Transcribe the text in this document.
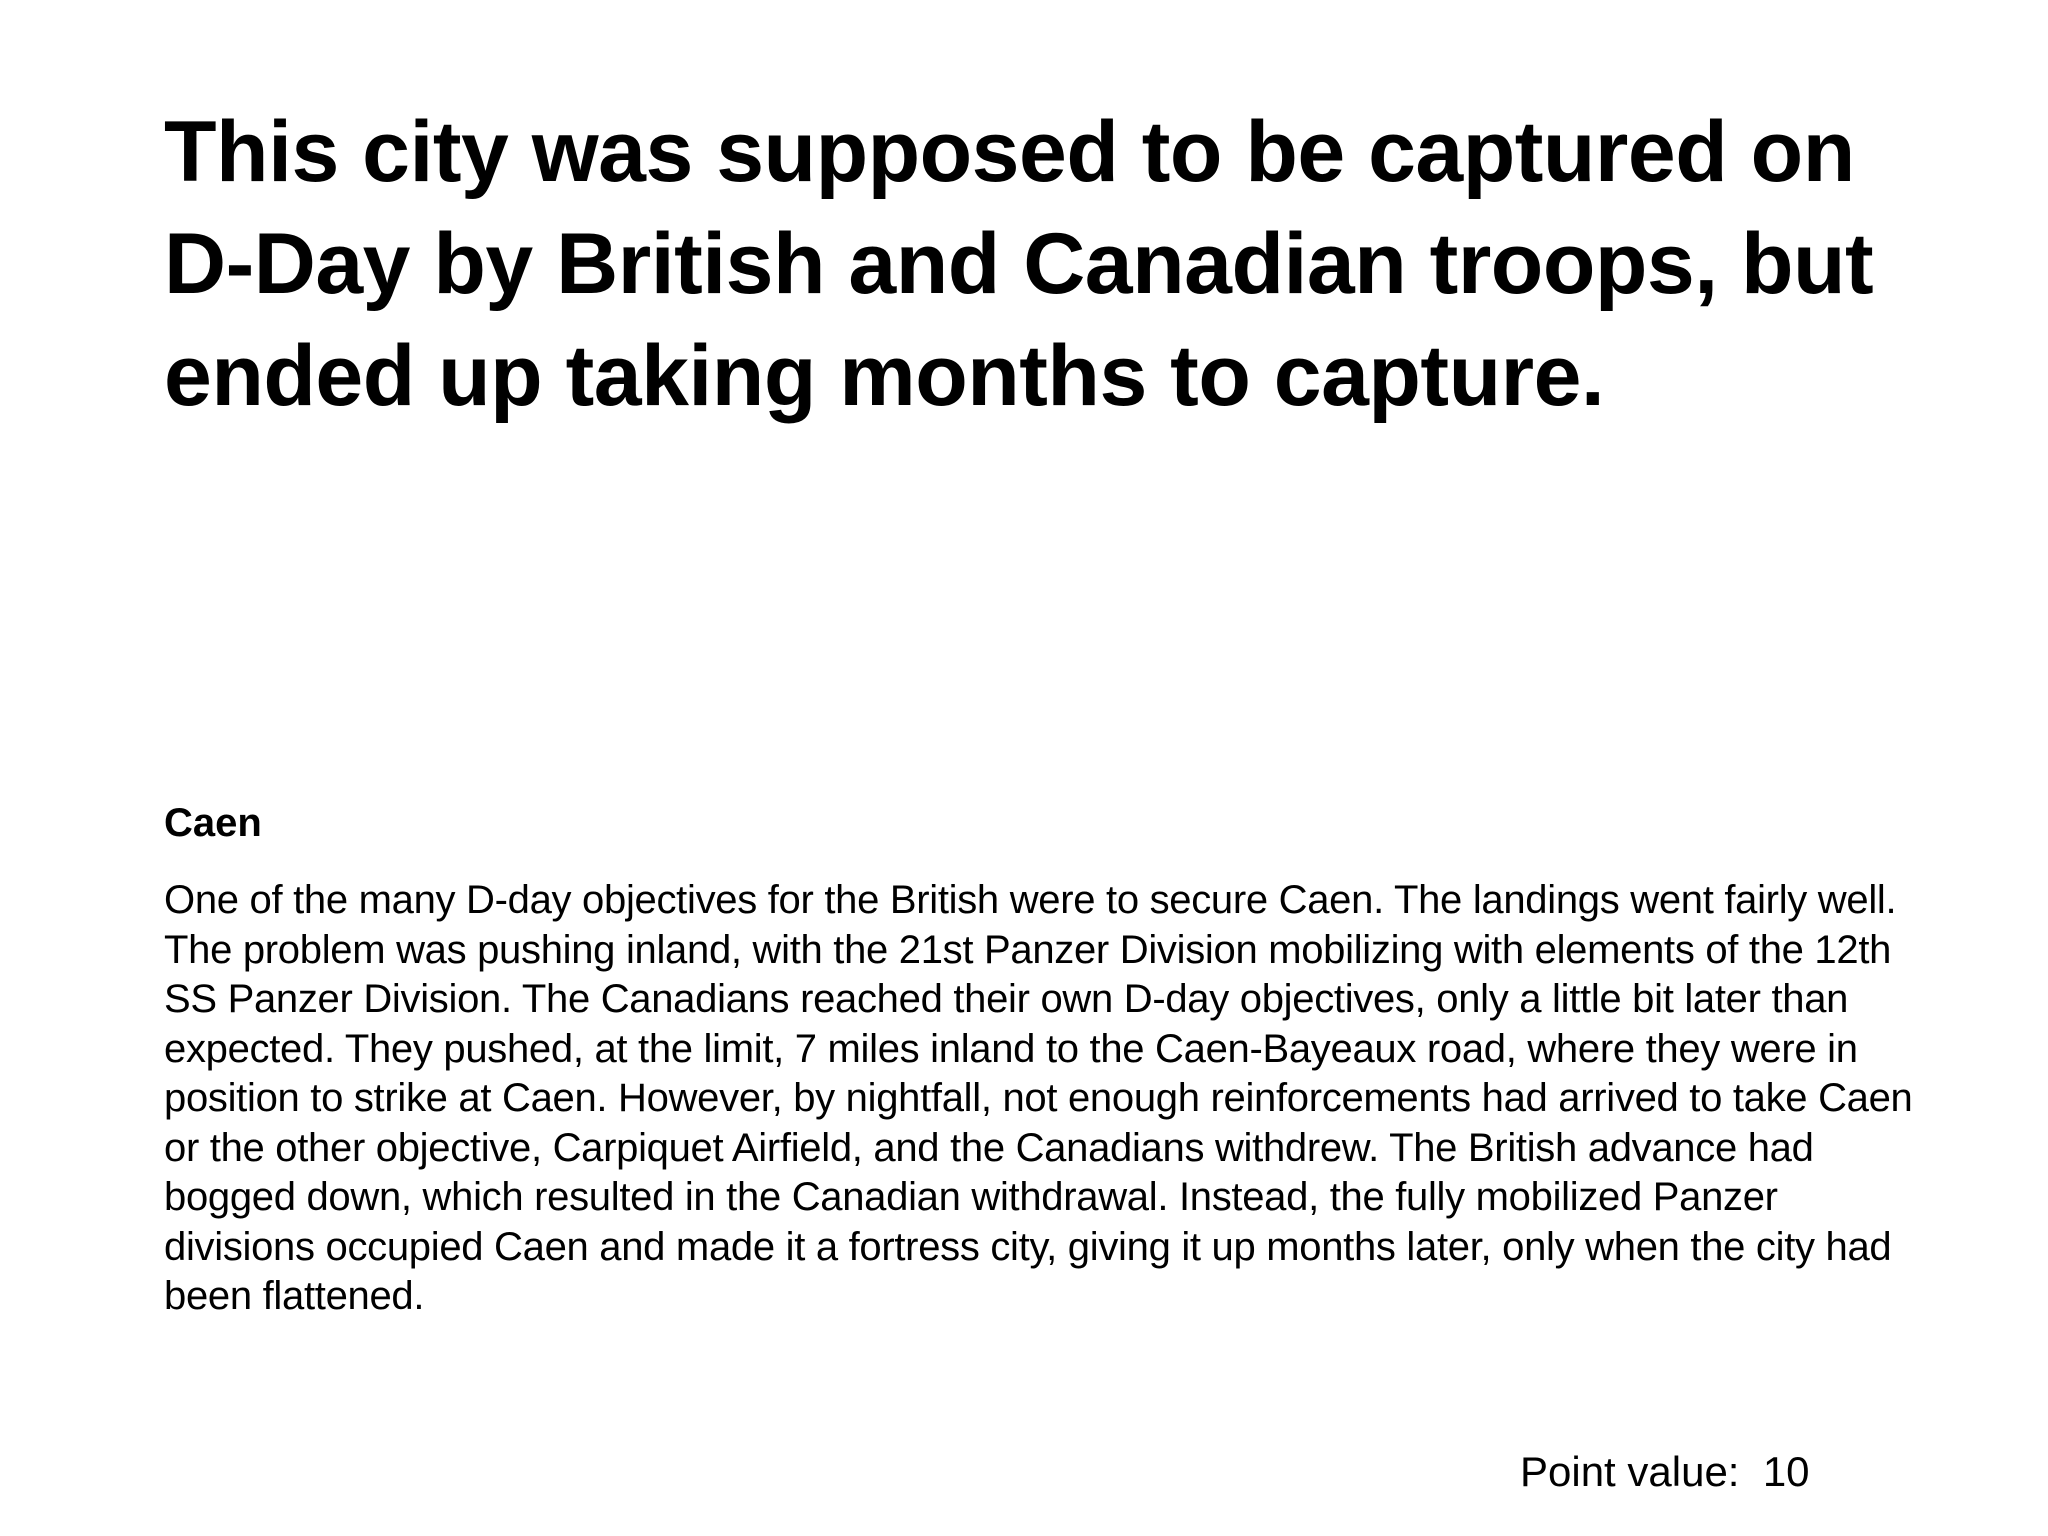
This city was supposed to be captured on D-Day by British and Canadian troops, but ended up taking months to capture.
Caen

One of the many D-day objectives for the British were to secure Caen. The landings went fairly well. The problem was pushing inland, with the 21st Panzer Division mobilizing with elements of the 12th SS Panzer Division. The Canadians reached their own D-day objectives, only a little bit later than expected. They pushed, at the limit, 7 miles inland to the Caen-Bayeaux road, where they were in position to strike at Caen. However, by nightfall, not enough reinforcements had arrived to take Caen or the other objective, Carpiquet Airfield, and the Canadians withdrew. The British advance had bogged down, which resulted in the Canadian withdrawal. Instead, the fully mobilized Panzer divisions occupied Caen and made it a fortress city, giving it up months later, only when the city had been flattened.

Point value: 10
